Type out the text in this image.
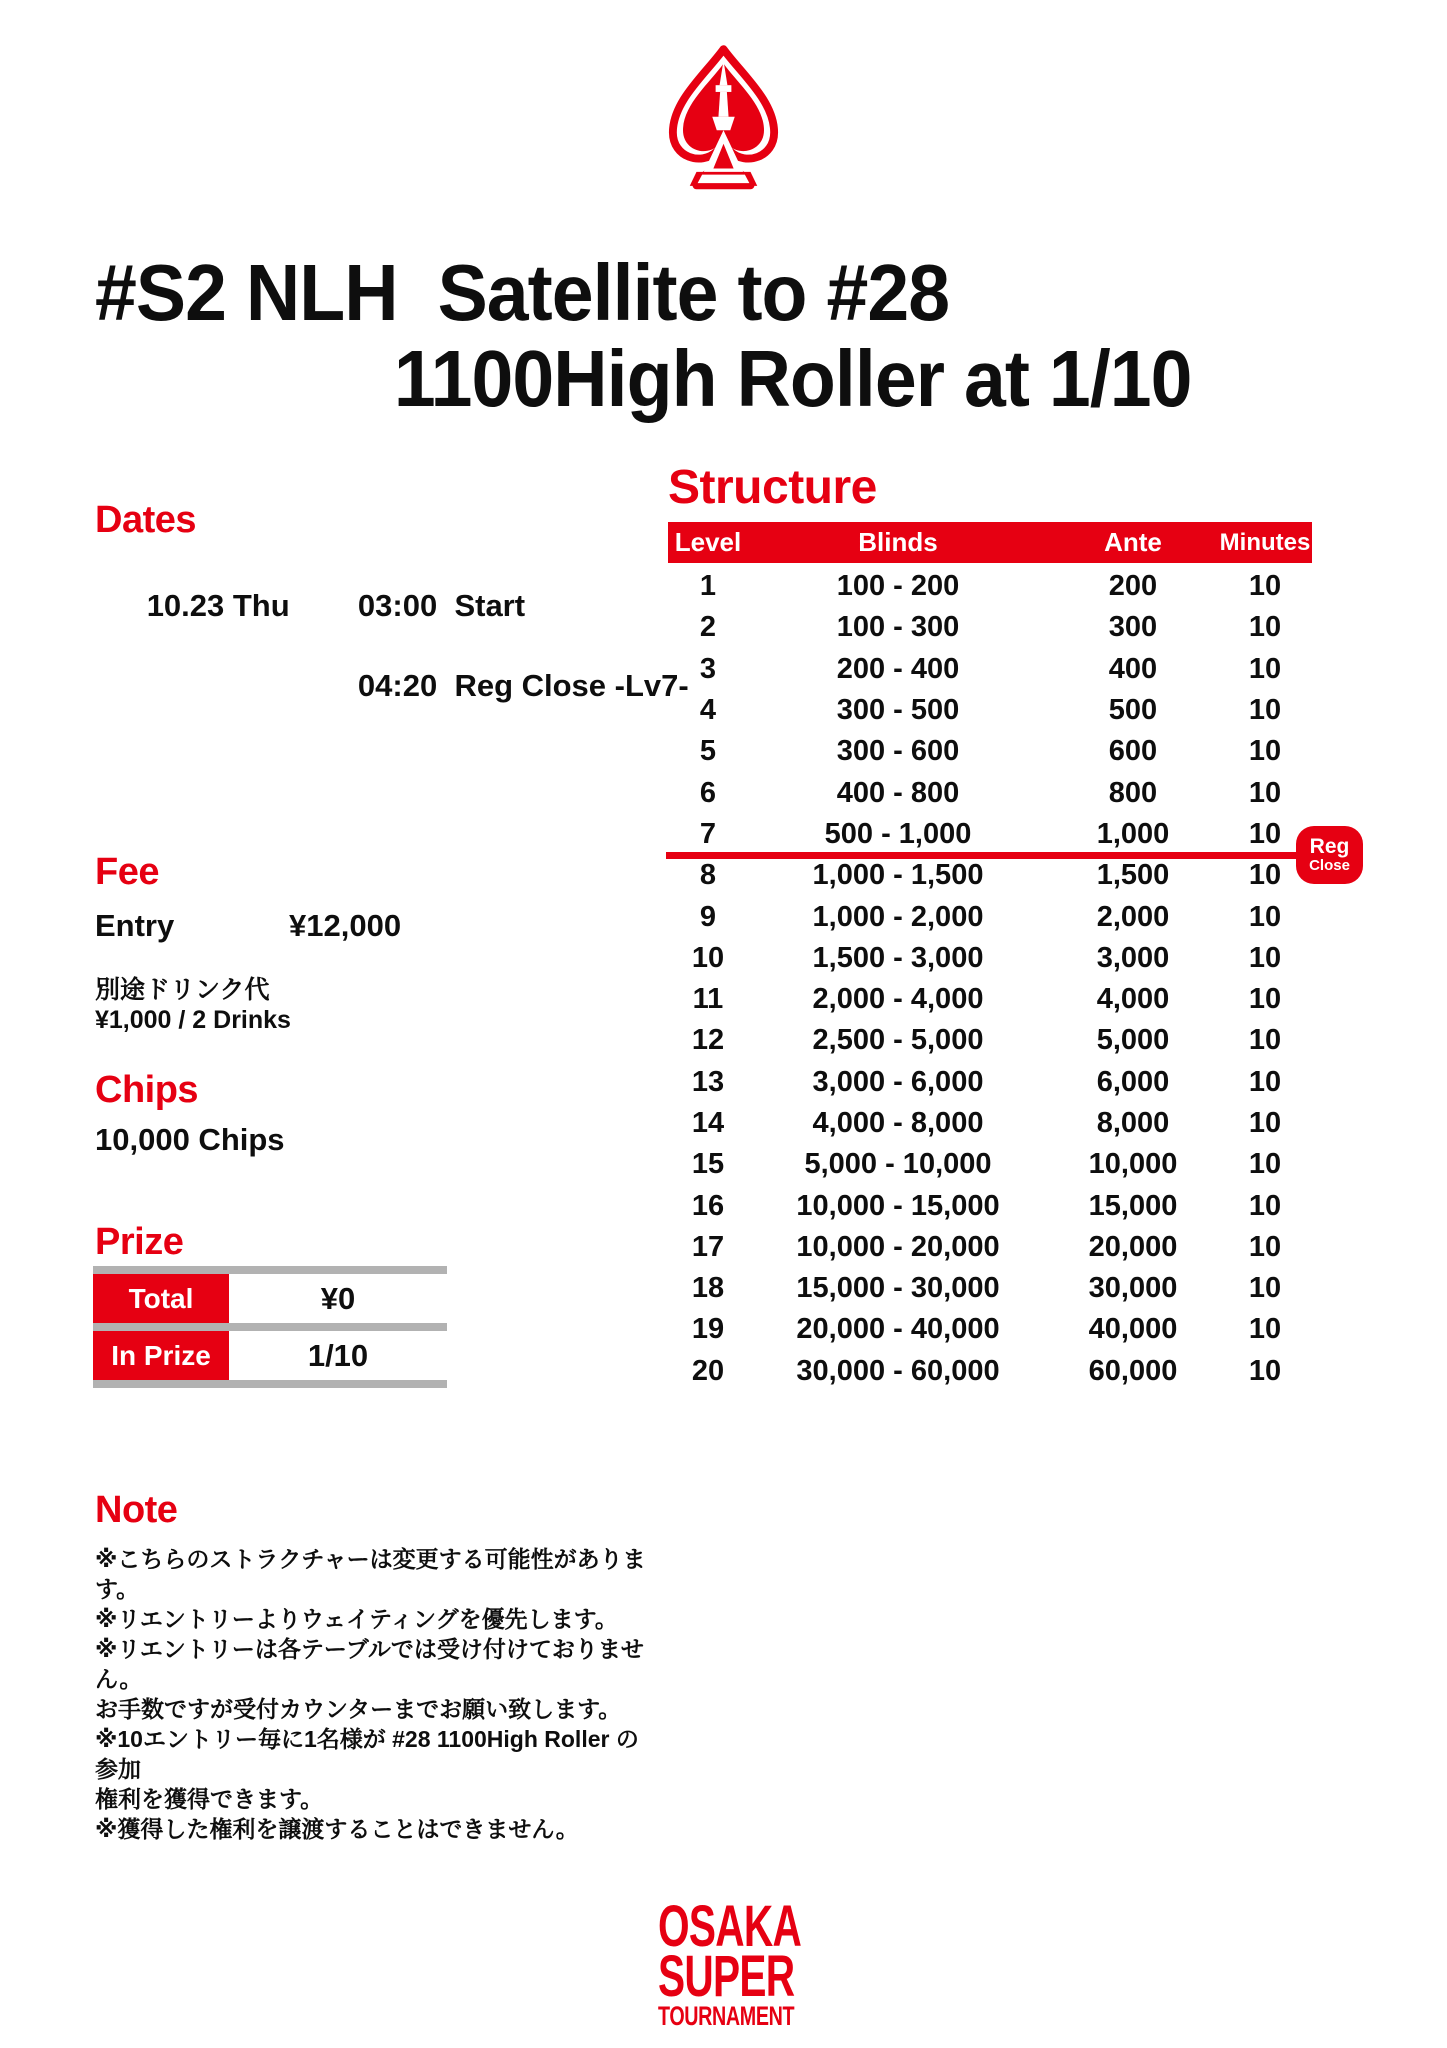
#S2 NLH  Satellite to #28
1100High Roller at 1/10
Dates

10.23 Thu
	03:00 Start

04:20 Reg Close -Lv7-

Fee
Entry	¥12,000
別途ドリンク代
¥1,000 / 2 Drinks
Chips
10,000 Chips
Prize
Total	¥0
In Prize	1/10
Note
※こちらのストラクチャーは変更する可能性があります。
※リエントリーよりウェイティングを優先します。
※リエントリーは各テーブルでは受け付けておりません。
お手数ですが受付カウンターまでお願い致します。
※10エントリー毎に1名様が #28 1100High Roller の参加
権利を獲得できます。
※獲得した権利を譲渡することはできません。
Structure
Level	Blinds	Ante	Minutes
1	100 - 200	200	10
2	100 - 300	300	10
3	200 - 400	400	10
4	300 - 500	500	10
5	300 - 600	600	10
6	400 - 800	800	10
7	500 - 1,000	1,000	10
8	1,000 - 1,500	1,500	10
9	1,000 - 2,000	2,000	10
10	1,500 - 3,000	3,000	10
11	2,000 - 4,000	4,000	10
12	2,500 - 5,000	5,000	10
13	3,000 - 6,000	6,000	10
14	4,000 - 8,000	8,000	10
15	5,000 - 10,000	10,000	10
16	10,000 - 15,000	15,000	10
17	10,000 - 20,000	20,000	10
18	15,000 - 30,000	30,000	10
19	20,000 - 40,000	40,000	10
20	30,000 - 60,000	60,000	10
Reg
Close
OSAKA
SUPER
TOURNAMENT
